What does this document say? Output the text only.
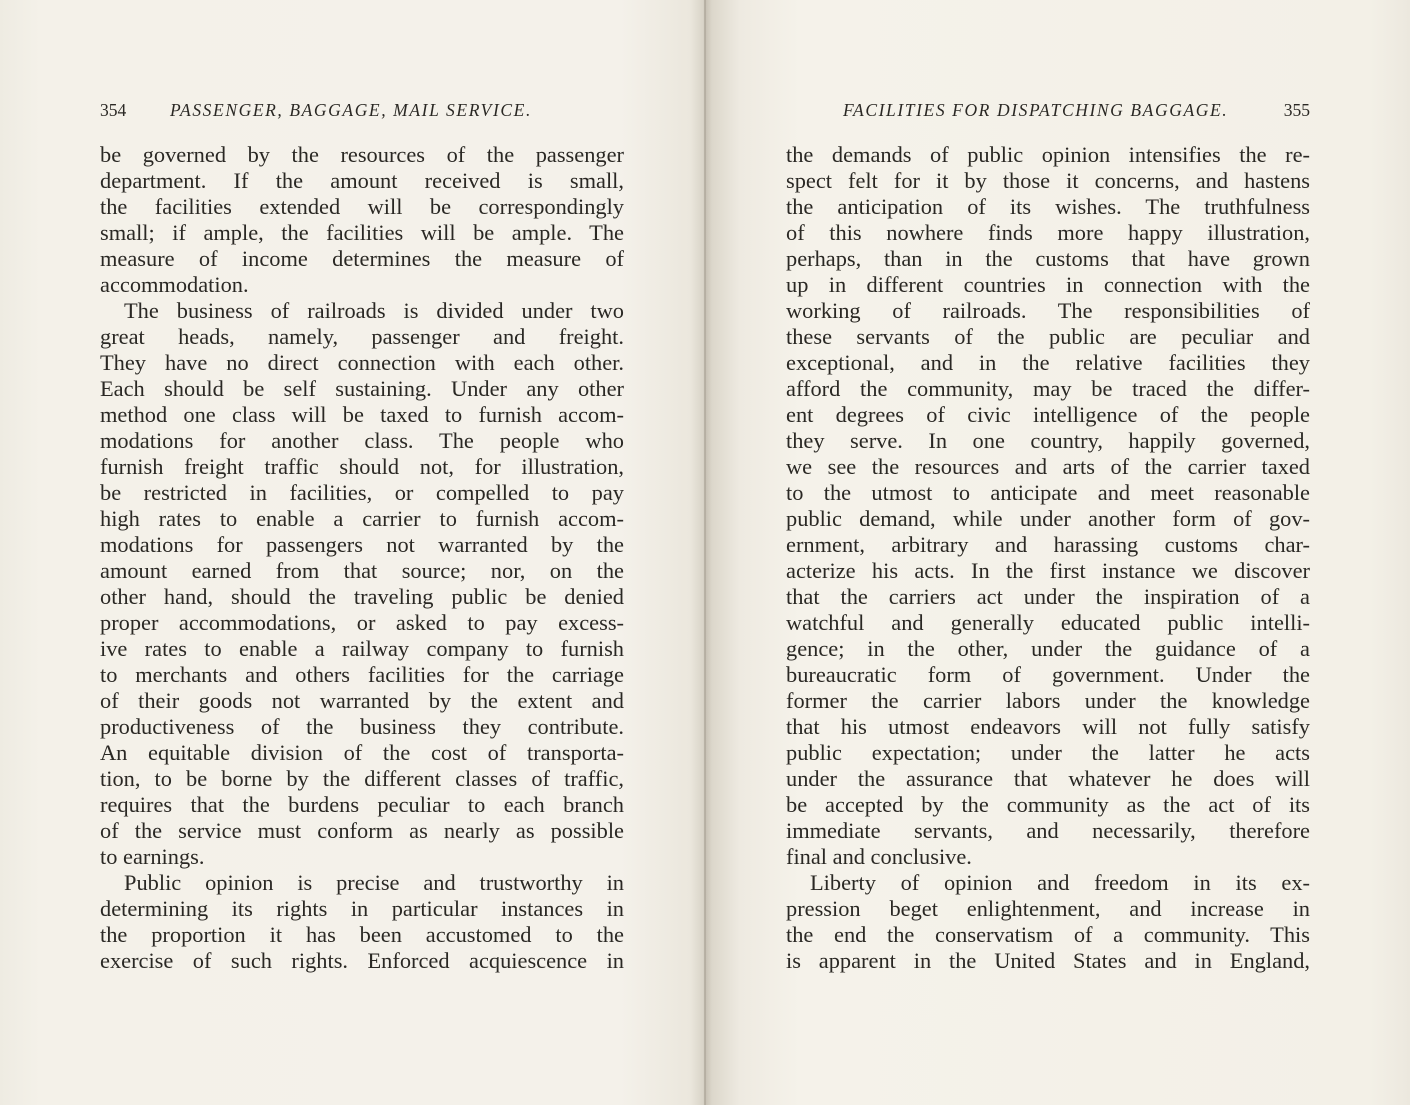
354	PASSENGER, BAGGAGE, MAIL SERVICE.
be governed by the resources of the passenger
department. If the amount received is small,
the facilities extended will be correspondingly
small; if ample, the facilities will be ample. The
measure of income determines the measure of
accommodation.
The business of railroads is divided under two
great heads, namely, passenger and freight.
They have no direct connection with each other.
Each should be self sustaining. Under any other
method one class will be taxed to furnish accom-
modations for another class. The people who
furnish freight traffic should not, for illustration,
be restricted in facilities, or compelled to pay
high rates to enable a carrier to furnish accom-
modations for passengers not warranted by the
amount earned from that source; nor, on the
other hand, should the traveling public be denied
proper accommodations, or asked to pay excess-
ive rates to enable a railway company to furnish
to merchants and others facilities for the carriage
of their goods not warranted by the extent and
productiveness of the business they contribute.
An equitable division of the cost of transporta-
tion, to be borne by the different classes of traffic,
requires that the burdens peculiar to each branch
of the service must conform as nearly as possible
to earnings.
Public opinion is precise and trustworthy in
determining its rights in particular instances in
the proportion it has been accustomed to the
exercise of such rights. Enforced acquiescence in
FACILITIES FOR DISPATCHING BAGGAGE.	355
the demands of public opinion intensifies the re-
spect felt for it by those it concerns, and hastens
the anticipation of its wishes. The truthfulness
of this nowhere finds more happy illustration,
perhaps, than in the customs that have grown
up in different countries in connection with the
working of railroads. The responsibilities of
these servants of the public are peculiar and
exceptional, and in the relative facilities they
afford the community, may be traced the differ-
ent degrees of civic intelligence of the people
they serve. In one country, happily governed,
we see the resources and arts of the carrier taxed
to the utmost to anticipate and meet reasonable
public demand, while under another form of gov-
ernment, arbitrary and harassing customs char-
acterize his acts. In the first instance we discover
that the carriers act under the inspiration of a
watchful and generally educated public intelli-
gence; in the other, under the guidance of a
bureaucratic form of government. Under the
former the carrier labors under the knowledge
that his utmost endeavors will not fully satisfy
public expectation; under the latter he acts
under the assurance that whatever he does will
be accepted by the community as the act of its
immediate servants, and necessarily, therefore
final and conclusive.
Liberty of opinion and freedom in its ex-
pression beget enlightenment, and increase in
the end the conservatism of a community. This
is apparent in the United States and in England,
